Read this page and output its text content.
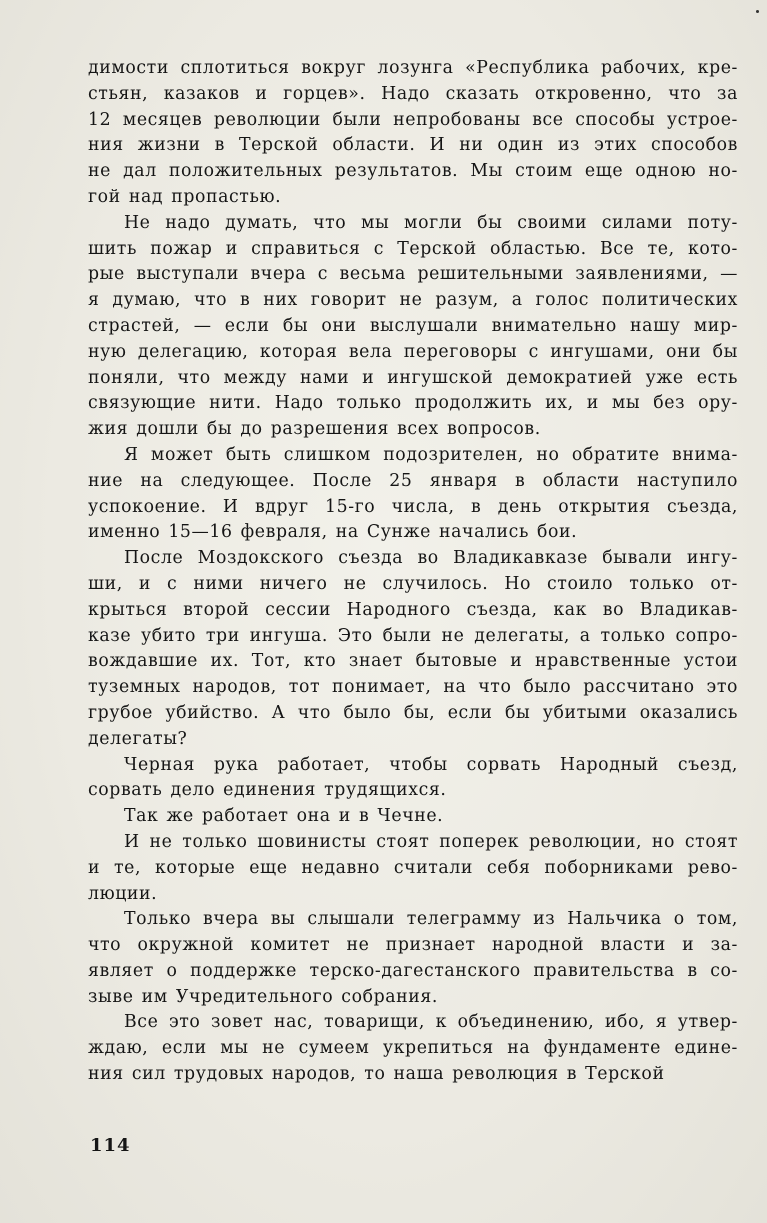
димости сплотиться вокруг лозунга «Республика рабочих, кре-
стьян, казаков и горцев». Надо сказать откровенно, что за
12 месяцев революции были непробованы все способы устрое-
ния жизни в Терской области. И ни один из этих способов
не дал положительных результатов. Мы стоим еще одною но-
гой над пропастью.
Не надо думать, что мы могли бы своими силами поту-
шить пожар и справиться с Терской областью. Все те, кото-
рые выступали вчера с весьма решительными заявлениями, —
я думаю, что в них говорит не разум, а голос политических
страстей, — если бы они выслушали внимательно нашу мир-
ную делегацию, которая вела переговоры с ингушами, они бы
поняли, что между нами и ингушской демократией уже есть
связующие нити. Надо только продолжить их, и мы без ору-
жия дошли бы до разрешения всех вопросов.
Я может быть слишком подозрителен, но обратите внима-
ние на следующее. После 25 января в области наступило
успокоение. И вдруг 15-го числа, в день открытия съезда,
именно 15—16 февраля, на Сунже начались бои.
После Моздокского съезда во Владикавказе бывали ингу-
ши, и с ними ничего не случилось. Но стоило только от-
крыться второй сессии Народного съезда, как во Владикав-
казе убито три ингуша. Это были не делегаты, а только сопро-
вождавшие их. Тот, кто знает бытовые и нравственные устои
туземных народов, тот понимает, на что было рассчитано это
грубое убийство. А что было бы, если бы убитыми оказались
делегаты?
Черная рука работает, чтобы сорвать Народный съезд,
сорвать дело единения трудящихся.
Так же работает она и в Чечне.
И не только шовинисты стоят поперек революции, но стоят
и те, которые еще недавно считали себя поборниками рево-
люции.
Только вчера вы слышали телеграмму из Нальчика о том,
что окружной комитет не признает народной власти и за-
являет о поддержке терско-дагестанского правительства в со-
зыве им Учредительного собрания.
Все это зовет нас, товарищи, к объединению, ибо, я утвер-
ждаю, если мы не сумеем укрепиться на фундаменте едине-
ния сил трудовых народов, то наша революция в Терской
114
